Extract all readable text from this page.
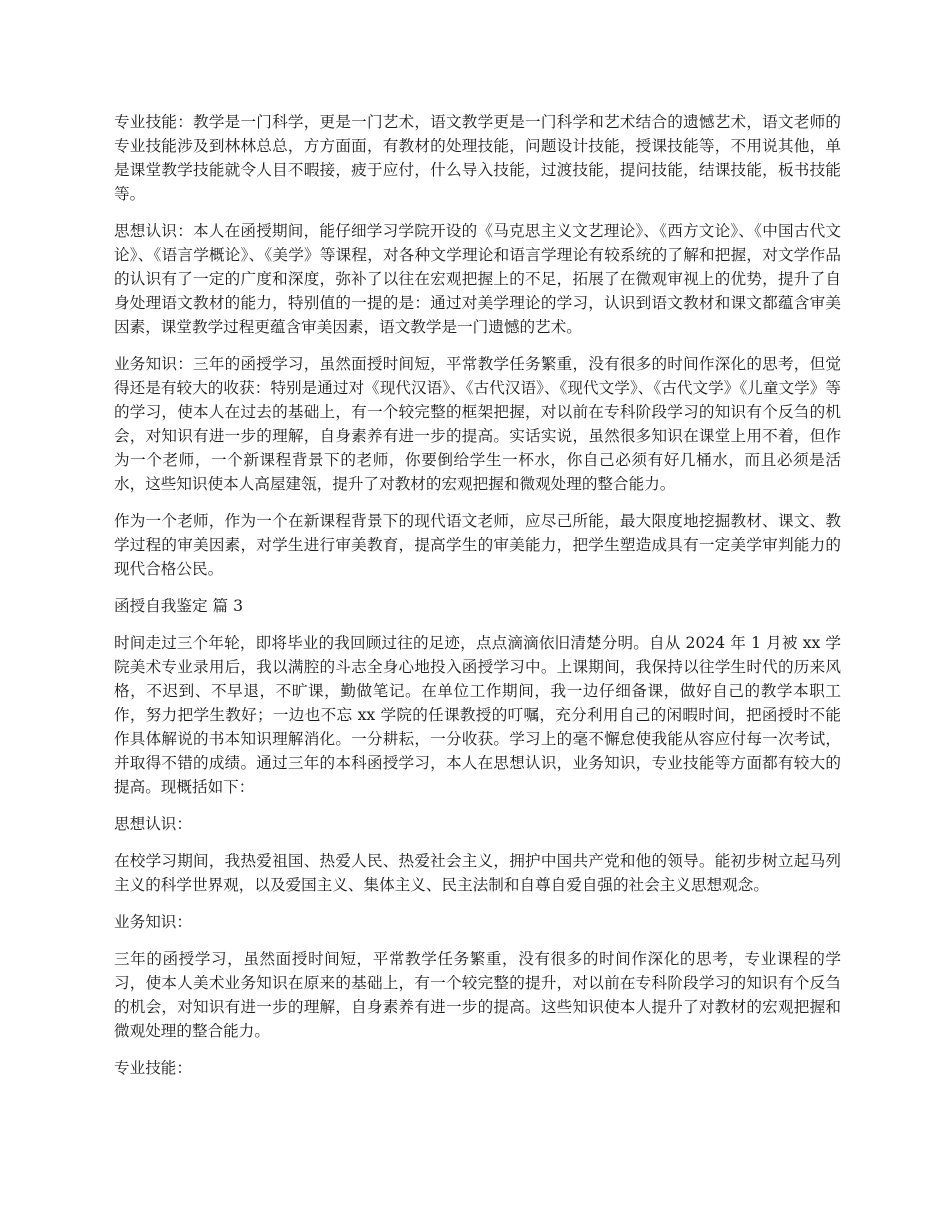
专业技能：教学是一门科学，更是一门艺术，语文教学更是一门科学和艺术结合的遗憾艺术，语文老师的专业技能涉及到林林总总，方方面面，有教材的处理技能，问题设计技能，授课技能等，不用说其他，单是课堂教学技能就令人目不暇接，疲于应付，什么导入技能，过渡技能，提问技能，结课技能，板书技能等。

思想认识：本人在函授期间，能仔细学习学院开设的《马克思主义文艺理论》、《西方文论》、《中国古代文论》、《语言学概论》、《美学》等课程，对各种文学理论和语言学理论有较系统的了解和把握，对文学作品的认识有了一定的广度和深度，弥补了以往在宏观把握上的不足，拓展了在微观审视上的优势，提升了自身处理语文教材的能力，特别值的一提的是：通过对美学理论的学习，认识到语文教材和课文都蕴含审美因素，课堂教学过程更蕴含审美因素，语文教学是一门遗憾的艺术。

业务知识：三年的函授学习，虽然面授时间短，平常教学任务繁重，没有很多的时间作深化的思考，但觉得还是有较大的收获：特别是通过对《现代汉语》、《古代汉语》、《现代文学》、《古代文学》《儿童文学》等的学习，使本人在过去的基础上，有一个较完整的框架把握，对以前在专科阶段学习的知识有个反刍的机会，对知识有进一步的理解，自身素养有进一步的提高。实话实说，虽然很多知识在课堂上用不着，但作为一个老师，一个新课程背景下的老师，你要倒给学生一杯水，你自己必须有好几桶水，而且必须是活水，这些知识使本人高屋建瓴，提升了对教材的宏观把握和微观处理的整合能力。

作为一个老师，作为一个在新课程背景下的现代语文老师，应尽己所能，最大限度地挖掘教材、课文、教学过程的审美因素，对学生进行审美教育，提高学生的审美能力，把学生塑造成具有一定美学审判能力的现代合格公民。

函授自我鉴定 篇 3

时间走过三个年轮，即将毕业的我回顾过往的足迹，点点滴滴依旧清楚分明。自从 2024 年 1 月被 xx 学院美术专业录用后，我以满腔的斗志全身心地投入函授学习中。上课期间，我保持以往学生时代的历来风格，不迟到、不早退，不旷课，勤做笔记。在单位工作期间，我一边仔细备课，做好自己的教学本职工作，努力把学生教好；一边也不忘 xx 学院的任课教授的叮嘱，充分利用自己的闲暇时间，把函授时不能作具体解说的书本知识理解消化。一分耕耘，一分收获。学习上的毫不懈怠使我能从容应付每一次考试，并取得不错的成绩。通过三年的本科函授学习，本人在思想认识，业务知识，专业技能等方面都有较大的提高。现概括如下：

思想认识：

在校学习期间，我热爱祖国、热爱人民、热爱社会主义，拥护中国共产党和他的领导。能初步树立起马列主义的科学世界观，以及爱国主义、集体主义、民主法制和自尊自爱自强的社会主义思想观念。

业务知识：

三年的函授学习，虽然面授时间短，平常教学任务繁重，没有很多的时间作深化的思考，专业课程的学习，使本人美术业务知识在原来的基础上，有一个较完整的提升，对以前在专科阶段学习的知识有个反刍的机会，对知识有进一步的理解，自身素养有进一步的提高。这些知识使本人提升了对教材的宏观把握和微观处理的整合能力。

专业技能：
